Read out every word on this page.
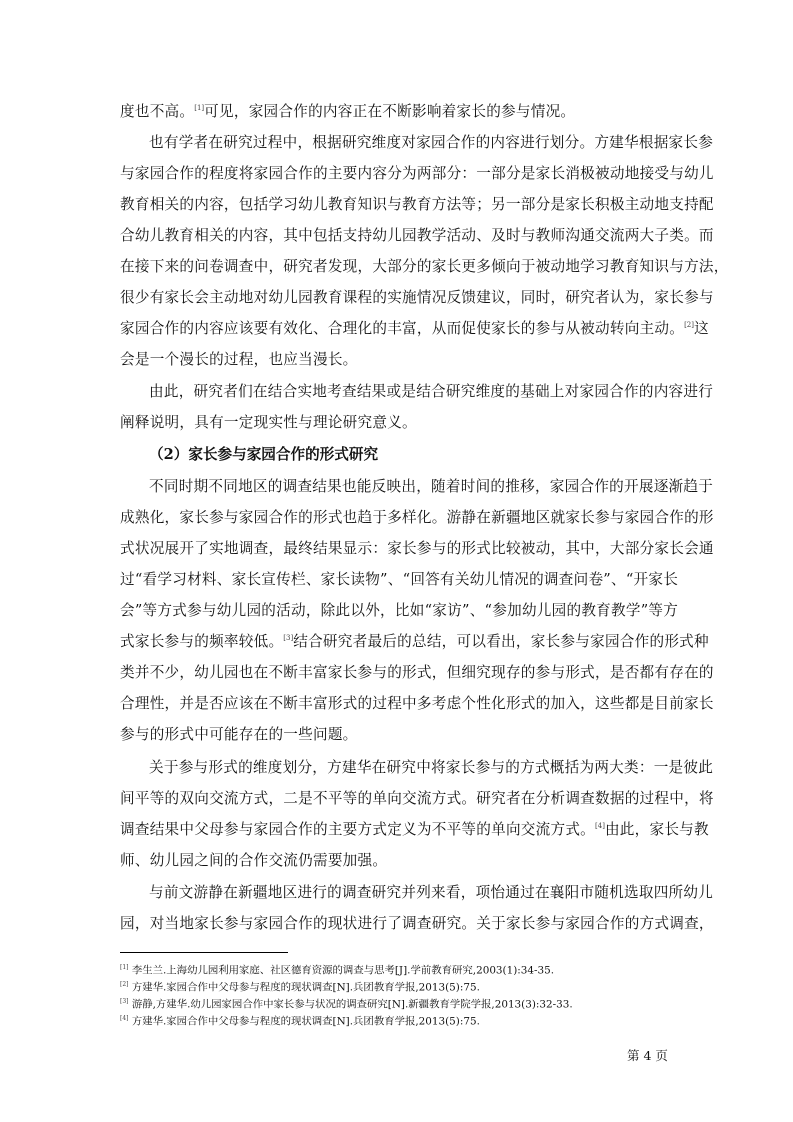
度也不高。[1]可见，家园合作的内容正在不断影响着家长的参与情况。
也有学者在研究过程中，根据研究维度对家园合作的内容进行划分。方建华根据家长参
与家园合作的程度将家园合作的主要内容分为两部分：一部分是家长消极被动地接受与幼儿
教育相关的内容，包括学习幼儿教育知识与教育方法等；另一部分是家长积极主动地支持配
合幼儿教育相关的内容，其中包括支持幼儿园教学活动、及时与教师沟通交流两大子类。而
在接下来的问卷调查中，研究者发现，大部分的家长更多倾向于被动地学习教育知识与方法，
很少有家长会主动地对幼儿园教育课程的实施情况反馈建议，同时，研究者认为，家长参与
家园合作的内容应该要有效化、合理化的丰富，从而促使家长的参与从被动转向主动。[2]这
会是一个漫长的过程，也应当漫长。
由此，研究者们在结合实地考查结果或是结合研究维度的基础上对家园合作的内容进行
阐释说明，具有一定现实性与理论研究意义。
（2）家长参与家园合作的形式研究
不同时期不同地区的调查结果也能反映出，随着时间的推移，家园合作的开展逐渐趋于
成熟化，家长参与家园合作的形式也趋于多样化。游静在新疆地区就家长参与家园合作的形
式状况展开了实地调查，最终结果显示：家长参与的形式比较被动，其中，大部分家长会通
过“看学习材料、家长宣传栏、家长读物”、“回答有关幼儿情况的调查问卷”、“开家长
会”等方式参与幼儿园的活动，除此以外，比如“家访”、“参加幼儿园的教育教学”等方
式家长参与的频率较低。[3]结合研究者最后的总结，可以看出，家长参与家园合作的形式种
类并不少，幼儿园也在不断丰富家长参与的形式，但细究现存的参与形式，是否都有存在的
合理性，并是否应该在不断丰富形式的过程中多考虑个性化形式的加入，这些都是目前家长
参与的形式中可能存在的一些问题。
关于参与形式的维度划分，方建华在研究中将家长参与的方式概括为两大类：一是彼此
间平等的双向交流方式，二是不平等的单向交流方式。研究者在分析调查数据的过程中，将
调查结果中父母参与家园合作的主要方式定义为不平等的单向交流方式。[4]由此，家长与教
师、幼儿园之间的合作交流仍需要加强。
与前文游静在新疆地区进行的调查研究并列来看，项怡通过在襄阳市随机选取四所幼儿
园，对当地家长参与家园合作的现状进行了调查研究。关于家长参与家园合作的方式调查，
[1] 李生兰.上海幼儿园利用家庭、社区德育资源的调查与思考[J].学前教育研究,2003(1):34-35.
[2] 方建华.家园合作中父母参与程度的现状调查[N].兵团教育学报,2013(5):75.
[3] 游静,方建华.幼儿园家园合作中家长参与状况的调查研究[N].新疆教育学院学报,2013(3):32-33.
[4] 方建华.家园合作中父母参与程度的现状调查[N].兵团教育学报,2013(5):75.
第 4 页
